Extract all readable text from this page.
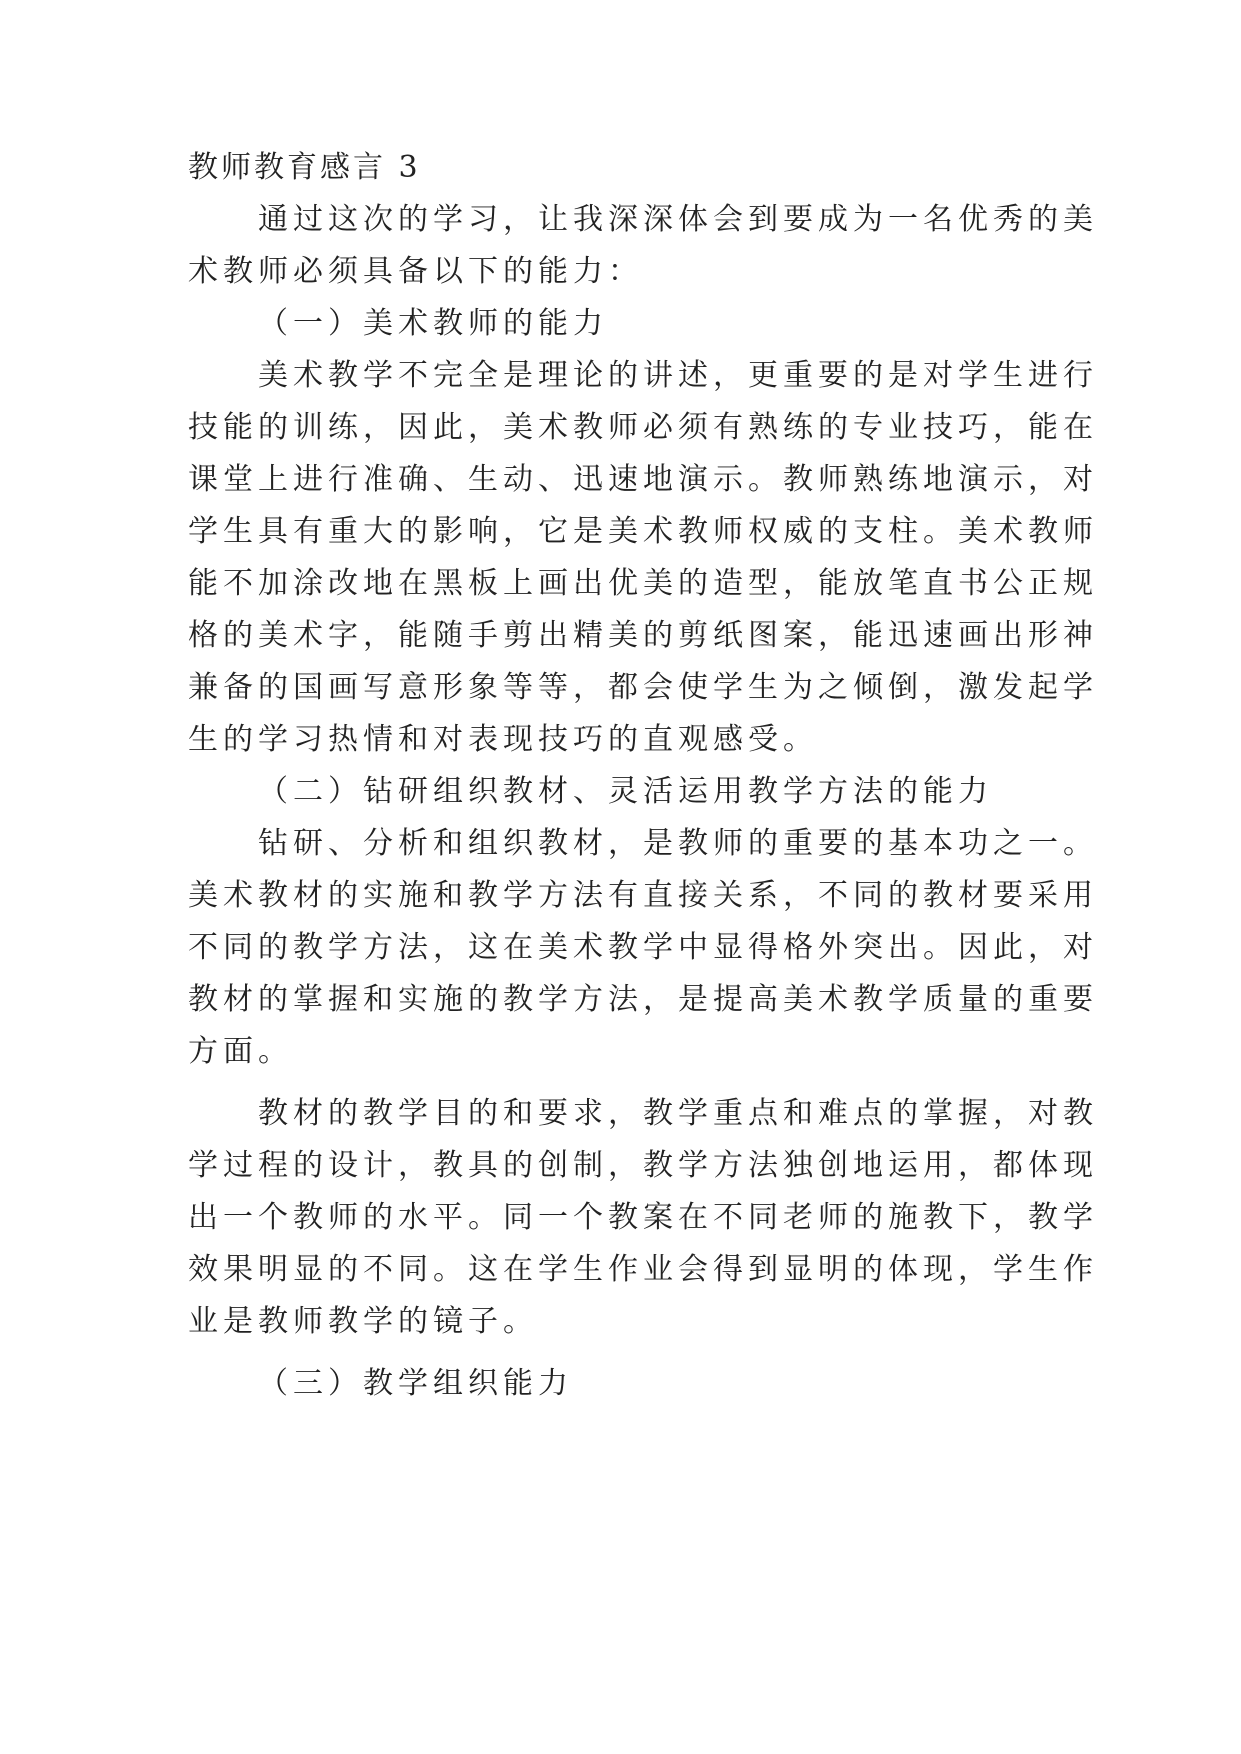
教师教育感言 3
通过这次的学习，让我深深体会到要成为一名优秀的美
术教师必须具备以下的能力：
（一）美术教师的能力
美术教学不完全是理论的讲述，更重要的是对学生进行
技能的训练，因此，美术教师必须有熟练的专业技巧，能在
课堂上进行准确、生动、迅速地演示。教师熟练地演示，对
学生具有重大的影响，它是美术教师权威的支柱。美术教师
能不加涂改地在黑板上画出优美的造型，能放笔直书公正规
格的美术字，能随手剪出精美的剪纸图案，能迅速画出形神
兼备的国画写意形象等等，都会使学生为之倾倒，激发起学
生的学习热情和对表现技巧的直观感受。
（二）钻研组织教材、灵活运用教学方法的能力
钻研、分析和组织教材，是教师的重要的基本功之一。
美术教材的实施和教学方法有直接关系，不同的教材要采用
不同的教学方法，这在美术教学中显得格外突出。因此，对
教材的掌握和实施的教学方法，是提高美术教学质量的重要
方面。
教材的教学目的和要求，教学重点和难点的掌握，对教
学过程的设计，教具的创制，教学方法独创地运用，都体现
出一个教师的水平。同一个教案在不同老师的施教下，教学
效果明显的不同。这在学生作业会得到显明的体现，学生作
业是教师教学的镜子。
（三）教学组织能力
